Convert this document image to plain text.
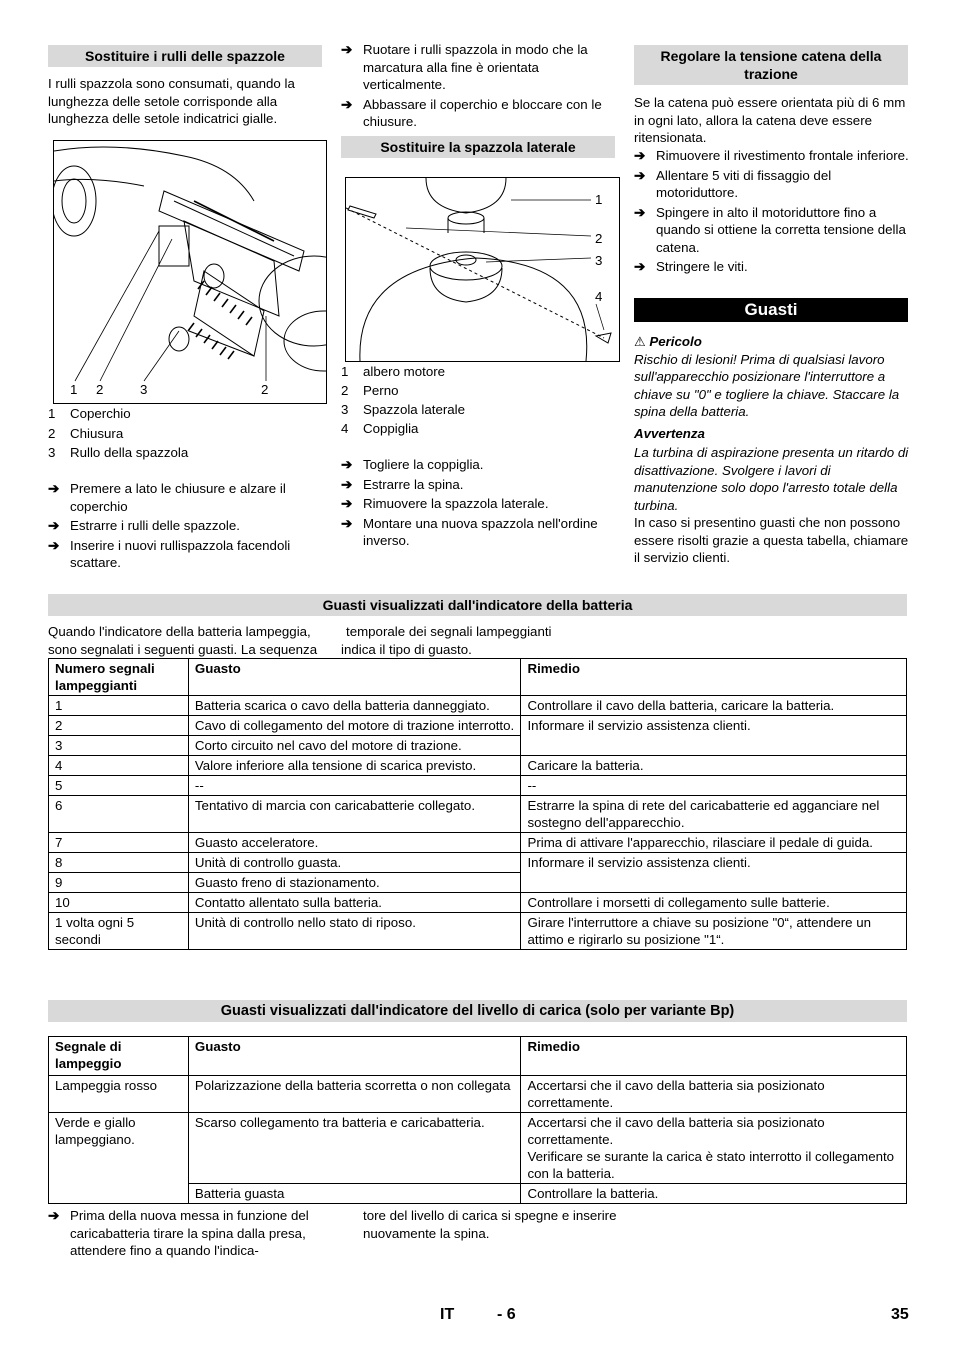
Sostituire i rulli delle spazzole

I rulli spazzola sono consumati, quando la lunghezza delle setole corrisponde alla lunghezza delle setole indicatrici gialle.

1 2	3	2
1	Coperchio
2	Chiusura
3	Rullo della spazzola

➔ Premere a lato le chiusure e alzare il coperchio

➔ Estrarre i rulli delle spazzole.

➔ Inserire i nuovi rullispazzola facendoli scattare.

➔ Ruotare i rulli spazzola in modo che la marcatura alla fine è orientata verticalmente.

➔ Abbassare il coperchio e bloccare con le chiusure.

Sostituire la spazzola laterale
1
2
3
4
1	albero motore
2	Perno
3	Spazzola laterale
4	Coppiglia

➔ Togliere la coppiglia.

➔ Estrarre la spina.

➔ Rimuovere la spazzola laterale.

➔ Montare una nuova spazzola nell'ordine inverso.

Regolare la tensione catena della trazione

Se la catena può essere orientata più di 6 mm in ogni lato, allora la catena deve essere ritensionata.

➔ Rimuovere il rivestimento frontale inferiore.

➔ Allentare 5 viti di fissaggio del motoriduttore.

➔ Spingere in alto il motoriduttore fino a quando si ottiene la corretta tensione della catena.

➔ Stringere le viti.

Guasti

⚠ Pericolo

Rischio di lesioni! Prima di qualsiasi lavoro sull'apparecchio posizionare l'interruttore a chiave su "0" e togliere la chiave. Staccare la spina della batteria.

Avvertenza

La turbina di aspirazione presenta un ritardo di disattivazione. Svolgere i lavori di manutenzione solo dopo l'arresto totale della turbina.

In caso si presentino guasti che non possono essere risolti grazie a questa tabella, chiamare il servizio clienti.

Guasti visualizzati dall'indicatore della batteria

Quando l'indicatore della batteria lampeggia, sono segnalati i seguenti guasti. La sequenza temporale dei segnali lampeggianti

indica il tipo di guasto.

Numero segnali lampeggianti	Guasto	Rimedio
1	Batteria scarica o cavo della batteria danneggiato.	Controllare il cavo della batteria, caricare la batteria.
2	Cavo di collegamento del motore di trazione interrotto.	Informare il servizio assistenza clienti.
3	Corto circuito nel cavo del motore di trazione.	
4	Valore inferiore alla tensione di scarica previsto.	Caricare la batteria.
5	--	--
6	Tentativo di marcia con caricabatterie collegato.	Estrarre la spina di rete del caricabatterie ed agganciare nel sostegno dell'apparecchio.
7	Guasto acceleratore.	Prima di attivare l'apparecchio, rilasciare il pedale di guida.
8	Unità di controllo guasta.	Informare il servizio assistenza clienti.
9	Guasto freno di stazionamento.	
10	Contatto allentato sulla batteria.	Controllare i morsetti di collegamento sulle batterie.
1 volta ogni 5 secondi	Unità di controllo nello stato di riposo.	Girare l'interruttore a chiave su posizione "0“, attendere un attimo e rigirarlo su posizione "1“.
Guasti visualizzati dall'indicatore del livello di carica (solo per variante Bp)
Segnale di lampeggio	Guasto	Rimedio
Lampeggia rosso	Polarizzazione della batteria scorretta o non collegata	Accertarsi che il cavo della batteria sia posizionato correttamente.
Verde e giallo lampeggiano.	Scarso collegamento tra batteria e caricabatteria.	Accertarsi che il cavo della batteria sia posizionato correttamente.
Verificare se surante la carica è stato interrotto il collegamento con la batteria.

	Batteria guasta	Controllare la batteria.

➔ Prima della nuova messa in funzione del caricabatteria tirare la spina dalla presa, attendere fino a quando l'indica-

tore del livello di carica si spegne e inserire nuovamente la spina.

IT	- 6	35
